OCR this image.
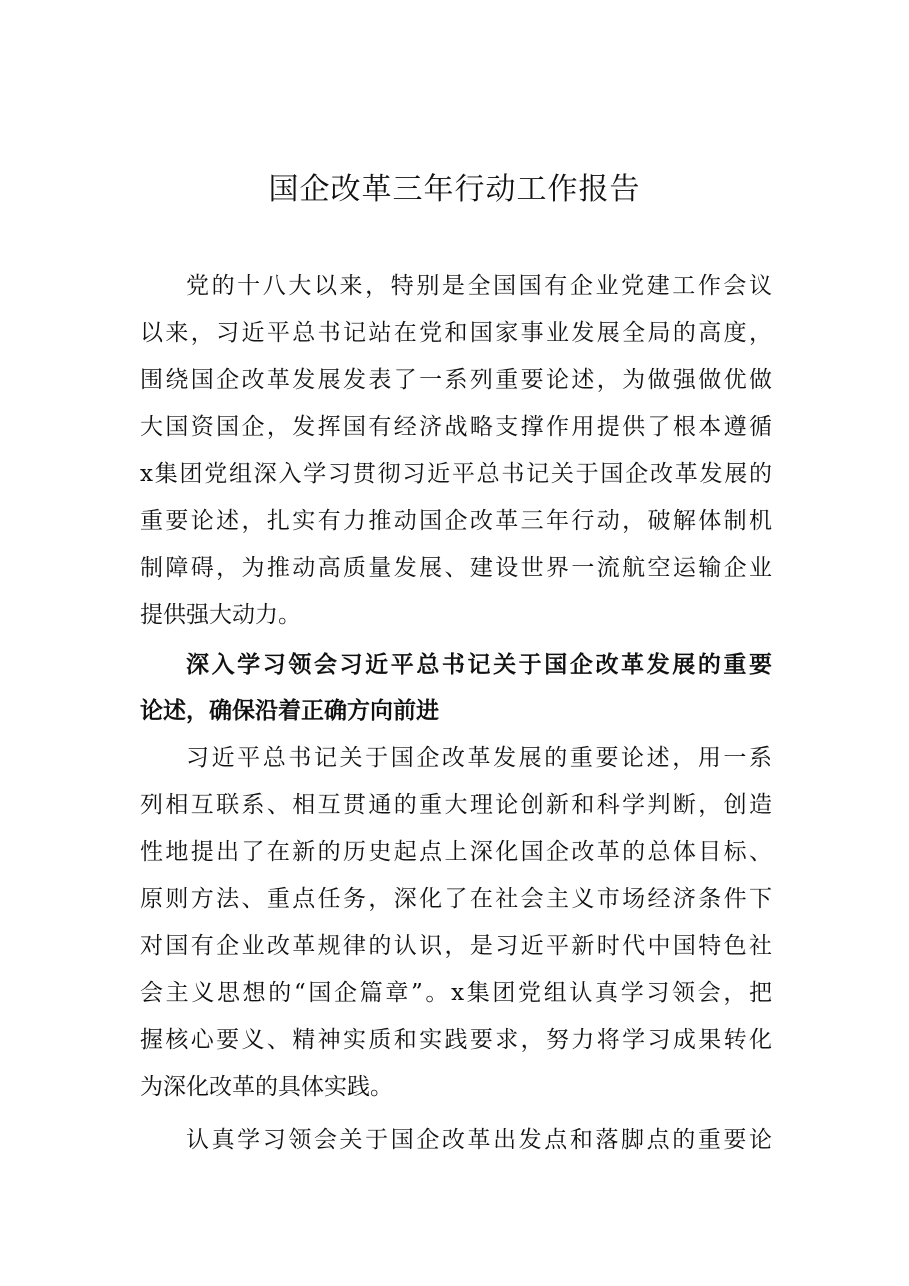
国企改革三年行动工作报告
党的十八大以来，特别是全国国有企业党建工作会议
以来，习近平总书记站在党和国家事业发展全局的高度，
围绕国企改革发展发表了一系列重要论述，为做强做优做
大国资国企，发挥国有经济战略支撑作用提供了根本遵循
x集团党组深入学习贯彻习近平总书记关于国企改革发展的
重要论述，扎实有力推动国企改革三年行动，破解体制机
制障碍，为推动高质量发展、建设世界一流航空运输企业
提供强大动力。
深入学习领会习近平总书记关于国企改革发展的重要
论述，确保沿着正确方向前进
习近平总书记关于国企改革发展的重要论述，用一系
列相互联系、相互贯通的重大理论创新和科学判断，创造
性地提出了在新的历史起点上深化国企改革的总体目标、
原则方法、重点任务，深化了在社会主义市场经济条件下
对国有企业改革规律的认识，是习近平新时代中国特色社
会主义思想的“国企篇章”。x集团党组认真学习领会，把
握核心要义、精神实质和实践要求，努力将学习成果转化
为深化改革的具体实践。
认真学习领会关于国企改革出发点和落脚点的重要论
